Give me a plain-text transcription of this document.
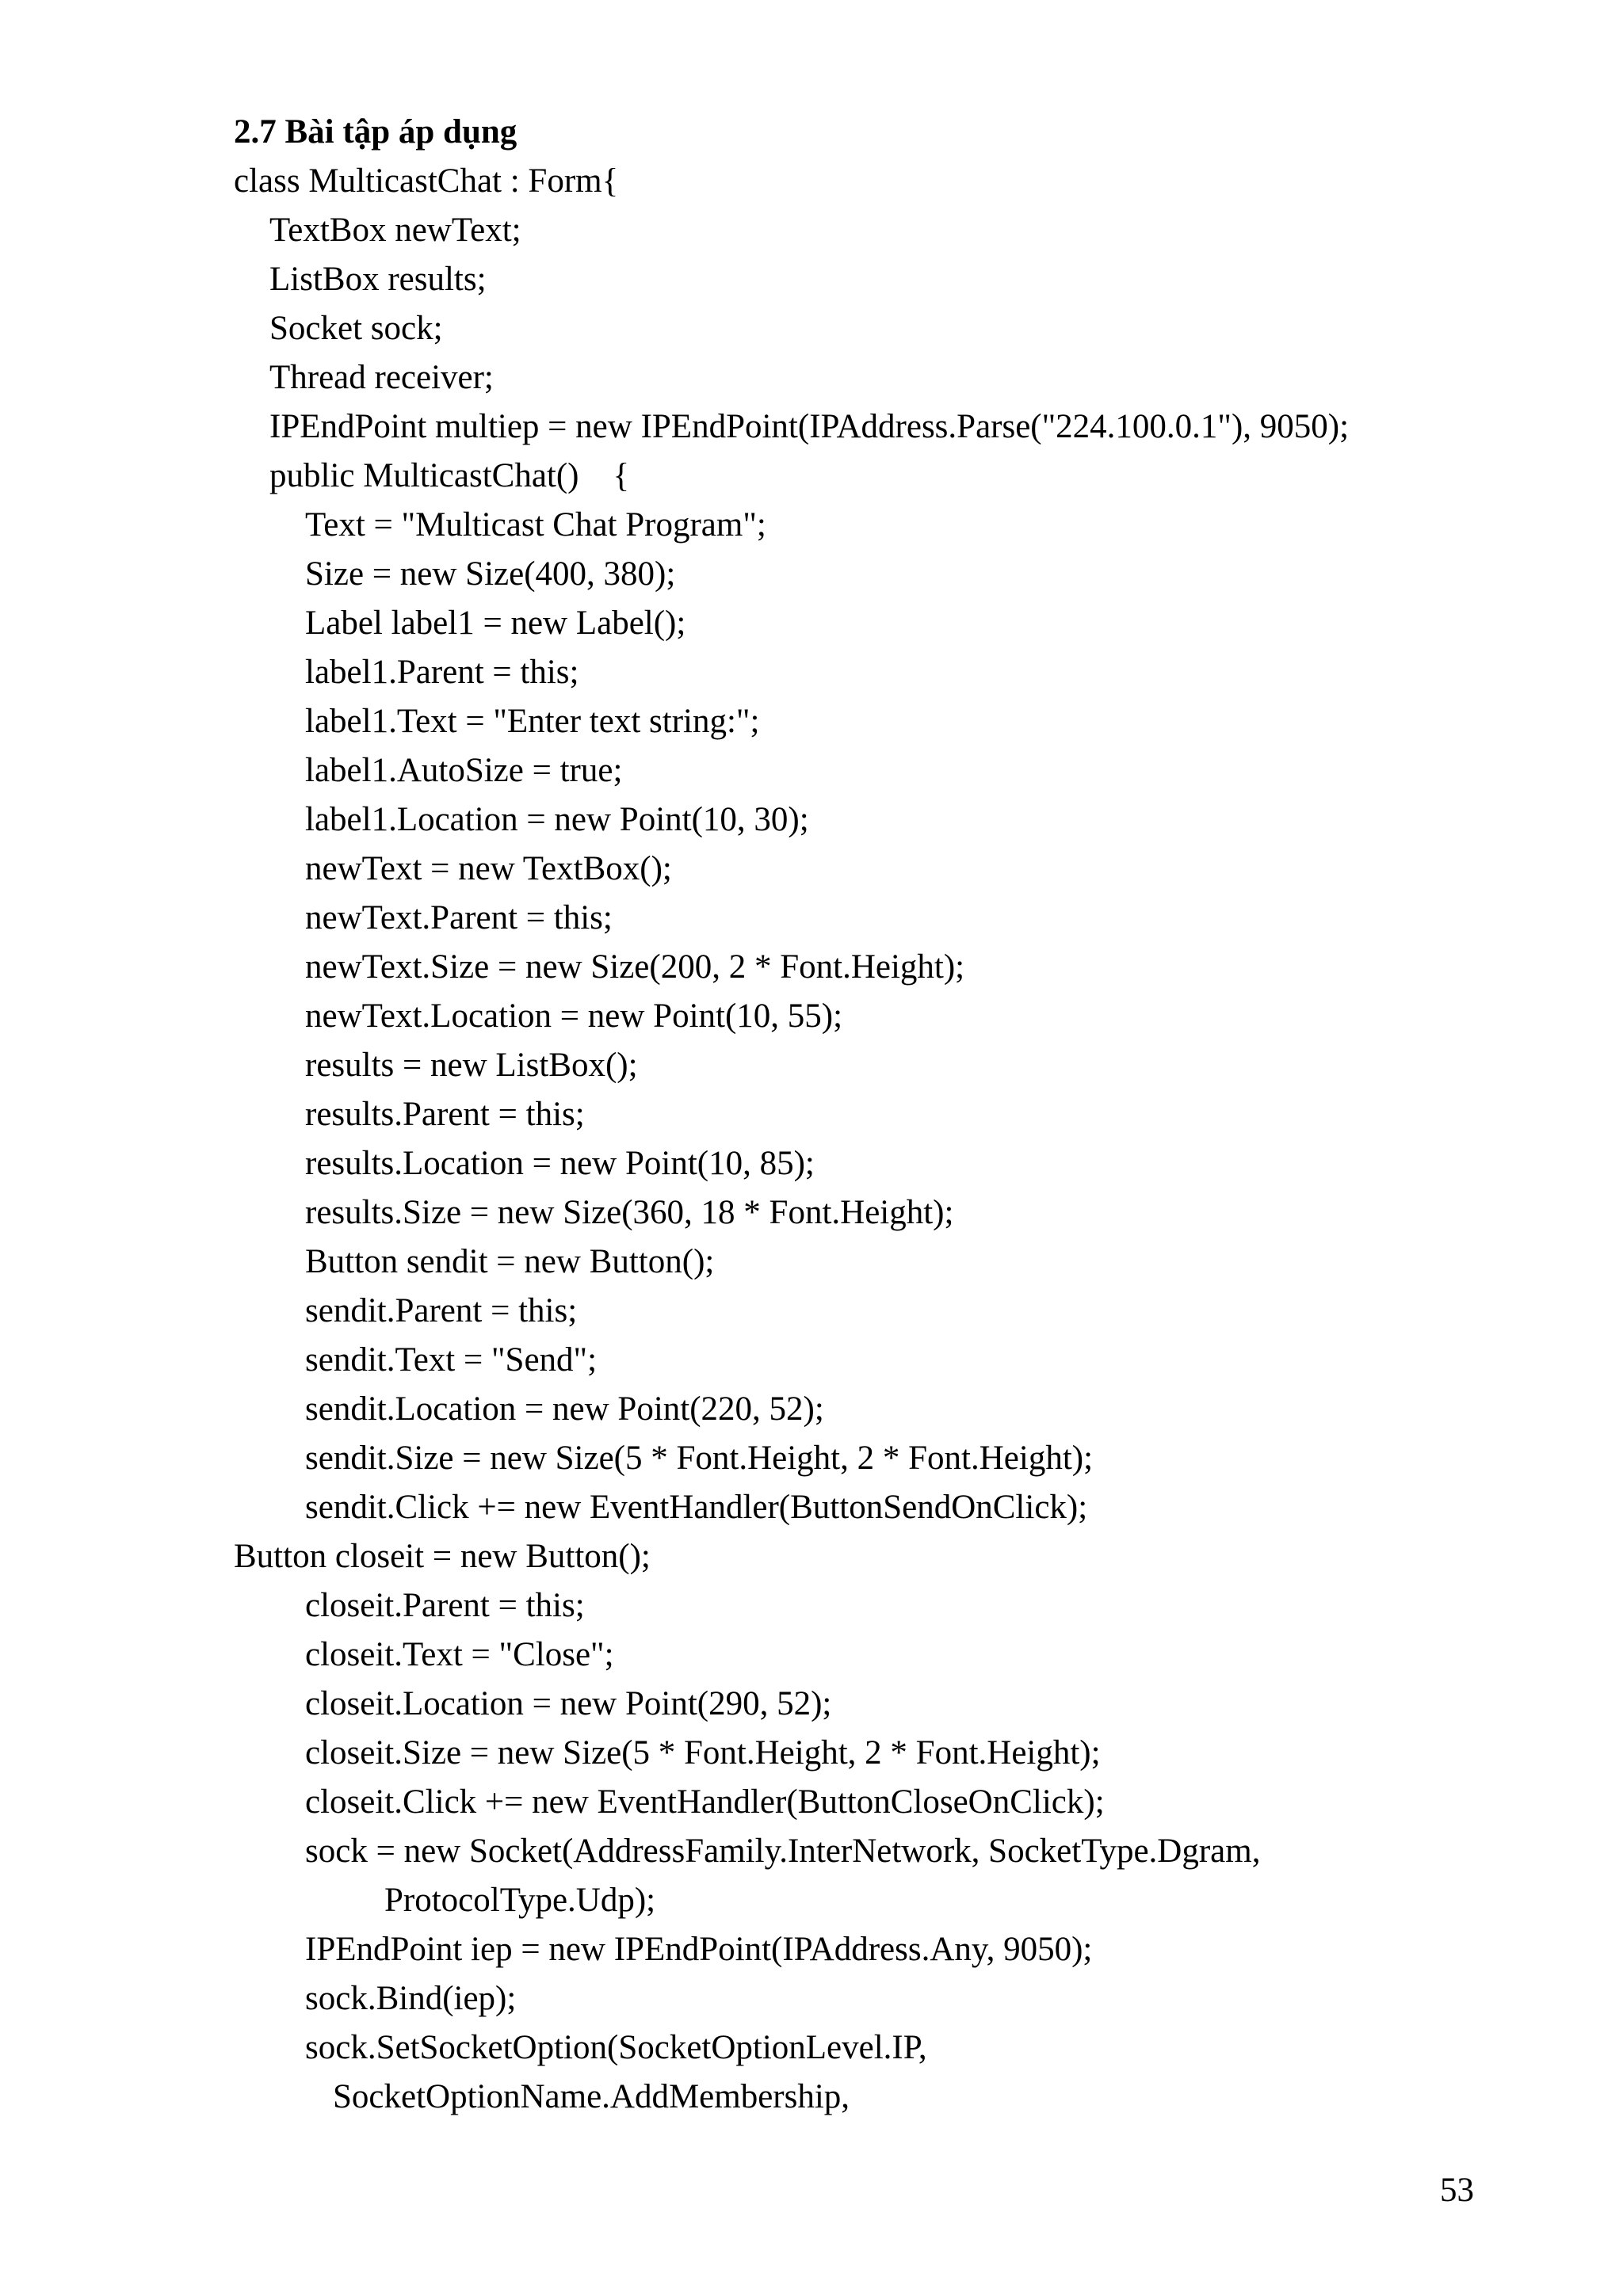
2.7 Bài tập áp dụng
class MulticastChat : Form{
TextBox newText;
ListBox results;
Socket sock;
Thread receiver;
IPEndPoint multiep = new IPEndPoint(IPAddress.Parse("224.100.0.1"), 9050);
public MulticastChat()    {
Text = "Multicast Chat Program";
Size = new Size(400, 380);
Label label1 = new Label();
label1.Parent = this;
label1.Text = "Enter text string:";
label1.AutoSize = true;
label1.Location = new Point(10, 30);
newText = new TextBox();
newText.Parent = this;
newText.Size = new Size(200, 2 * Font.Height);
newText.Location = new Point(10, 55);
results = new ListBox();
results.Parent = this;
results.Location = new Point(10, 85);
results.Size = new Size(360, 18 * Font.Height);
Button sendit = new Button();
sendit.Parent = this;
sendit.Text = "Send";
sendit.Location = new Point(220, 52);
sendit.Size = new Size(5 * Font.Height, 2 * Font.Height);
sendit.Click += new EventHandler(ButtonSendOnClick);
Button closeit = new Button();
closeit.Parent = this;
closeit.Text = "Close";
closeit.Location = new Point(290, 52);
closeit.Size = new Size(5 * Font.Height, 2 * Font.Height);
closeit.Click += new EventHandler(ButtonCloseOnClick);
sock = new Socket(AddressFamily.InterNetwork, SocketType.Dgram,
ProtocolType.Udp);
IPEndPoint iep = new IPEndPoint(IPAddress.Any, 9050);
sock.Bind(iep);
sock.SetSocketOption(SocketOptionLevel.IP,
SocketOptionName.AddMembership,
53
